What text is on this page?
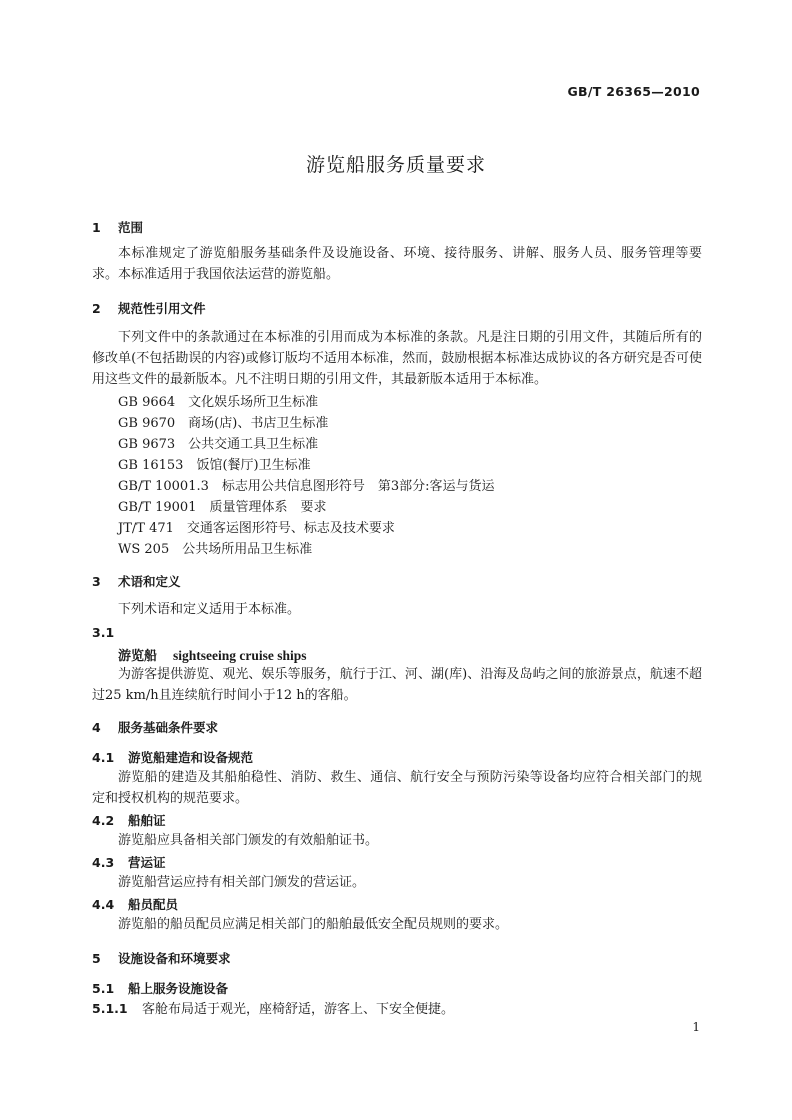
GB/T 26365—2010
游览船服务质量要求
1 范围
本标准规定了游览船服务基础条件及设施设备、环境、接待服务、讲解、服务人员、服务管理等要求。 本标准适用于我国依法运营的游览船。
2 规范性引用文件
下列文件中的条款通过在本标准的引用而成为本标准的条款。凡是注日期的引用文件，其随后所有的修改单(不包括勘误的内容)或修订版均不适用本标准，然而，鼓励根据本标准达成协议的各方研究是否可使用这些文件的最新版本。凡不注明日期的引用文件，其最新版本适用于本标准。
GB 9664　 文化娱乐场所卫生标准
GB 9670　 商场(店)、书店卫生标准
GB 9673　 公共交通工具卫生标准
GB 16153　 饭馆(餐厅)卫生标准
GB/T 10001.3　 标志用公共信息图形符号　第3部分:客运与货运
GB/T 19001　 质量管理体系　要求
JT/T 471　 交通客运图形符号、标志及技术要求
WS 205　 公共场所用品卫生标准
3 术语和定义
下列术语和定义适用于本标准。
3.1
游览船 sightseeing cruise ships
为游客提供游览、观光、娱乐等服务，航行于江、河、湖(库)、沿海及岛屿之间的旅游景点，航速不超过25 km/h且连续航行时间小于12 h的客船。
4 服务基础条件要求
4.1 游览船建造和设备规范
游览船的建造及其船舶稳性、消防、救生、通信、航行安全与预防污染等设备均应符合相关部门的规定和授权机构的规范要求。
4.2 船舶证
游览船应具备相关部门颁发的有效船舶证书。
4.3 营运证
游览船营运应持有相关部门颁发的营运证。
4.4 船员配员
游览船的船员配员应满足相关部门的船舶最低安全配员规则的要求。
5 设施设备和环境要求
5.1 船上服务设施设备
5.1.1 客舱布局适于观光，座椅舒适，游客上、下安全便捷。
1
